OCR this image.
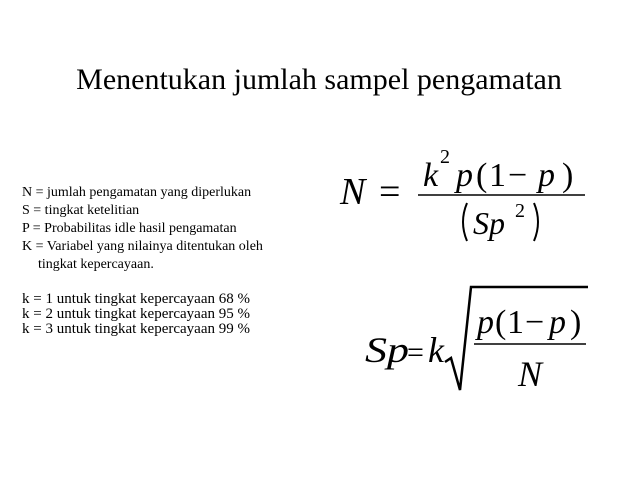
Menentukan jumlah sampel pengamatan
N = jumlah pengamatan yang diperlukan
S = tingkat ketelitian
P = Probabilitas idle hasil pengamatan
K = Variabel yang nilainya ditentukan oleh
tingkat kepercayaan.
k = 1 untuk tingkat kepercayaan 68 %
k = 2 untuk tingkat kepercayaan 95 %
k = 3 untuk tingkat kepercayaan 99 %
N = k 2 p ( 1 − p )
Sp 2
Sp
= k
p ( 1 − p )
N
